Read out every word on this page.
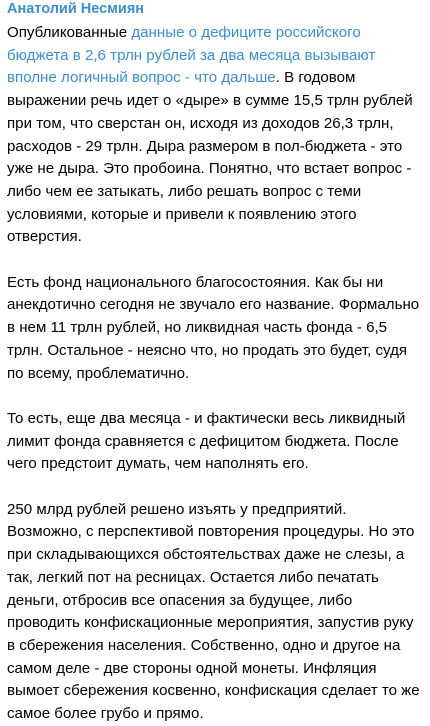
Анатолий Несмиян
Опубликованные данные о дефиците российского бюджета в 2,6 трлн рублей за два месяца вызывают вполне логичный вопрос - что дальше. В годовом выражении речь идет о «дыре» в сумме 15,5 трлн рублей при том, что сверстан он, исходя из доходов 26,3 трлн, расходов - 29 трлн. Дыра размером в пол-бюджета - это уже не дыра. Это пробоина. Понятно, что встает вопрос - либо чем ее затыкать, либо решать вопрос с теми условиями, которые и привели к появлению этого отверстия.
Есть фонд национального благосостояния. Как бы ни анекдотично сегодня не звучало его название. Формально в нем 11 трлн рублей, но ликвидная часть фонда - 6,5 трлн. Остальное - неясно что, но продать это будет, судя по всему, проблематично.
То есть, еще два месяца - и фактически весь ликвидный лимит фонда сравняется с дефицитом бюджета. После чего предстоит думать, чем наполнять его.
250 млрд рублей решено изъять у предприятий. Возможно, с перспективой повторения процедуры. Но это при складывающихся обстоятельствах даже не слезы, а так, легкий пот на ресницах. Остается либо печатать деньги, отбросив все опасения за будущее, либо проводить конфискационные мероприятия, запустив руку в сбережения населения. Собственно, одно и другое на самом деле - две стороны одной монеты. Инфляция вымоет сбережения косвенно, конфискация сделает то же самое более грубо и прямо.
